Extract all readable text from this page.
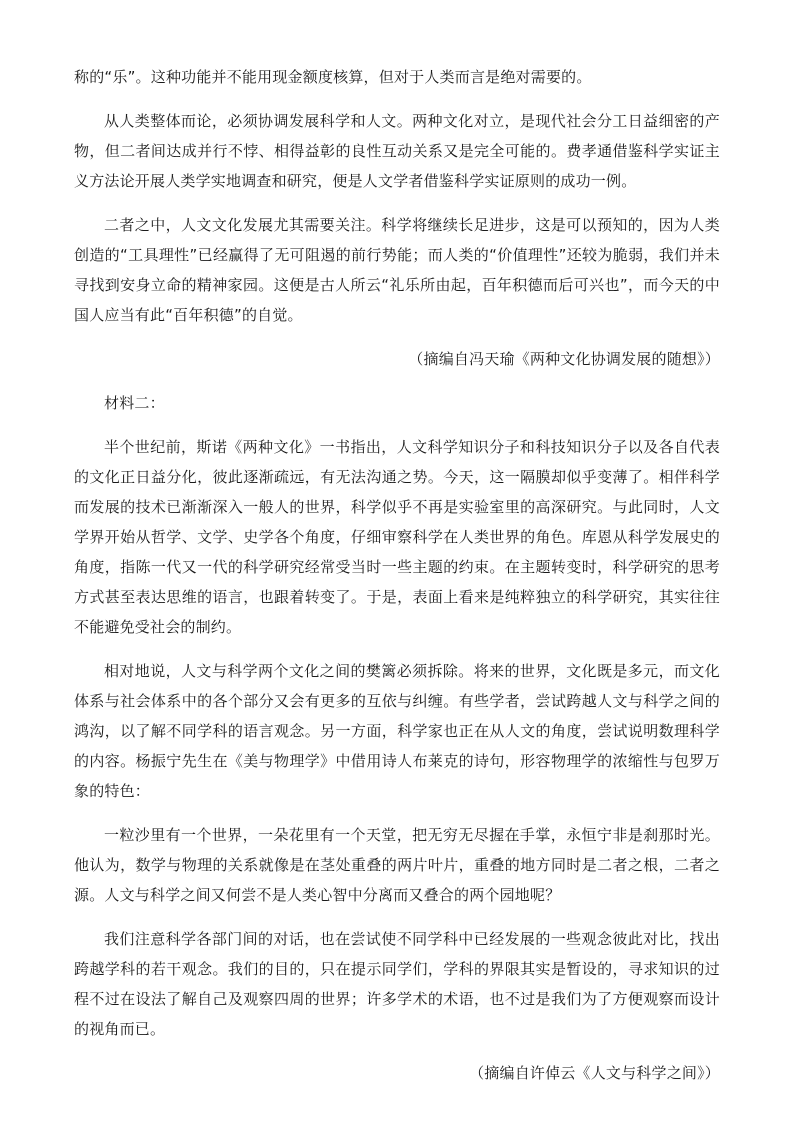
称的“乐”。这种功能并不能用现金额度核算，但对于人类而言是绝对需要的。

从人类整体而论，必须协调发展科学和人文。两种文化对立，是现代社会分工日益细密的产物，但二者间达成并行不悖、相得益彰的良性互动关系又是完全可能的。费孝通借鉴科学实证主义方法论开展人类学实地调查和研究，便是人文学者借鉴科学实证原则的成功一例。

二者之中，人文文化发展尤其需要关注。科学将继续长足进步，这是可以预知的，因为人类创造的“工具理性”已经赢得了无可阻遏的前行势能；而人类的“价值理性”还较为脆弱，我们并未寻找到安身立命的精神家园。这便是古人所云“礼乐所由起，百年积德而后可兴也”，而今天的中国人应当有此“百年积德”的自觉。

（摘编自冯天瑜《两种文化协调发展的随想》）

材料二：

半个世纪前，斯诺《两种文化》一书指出，人文科学知识分子和科技知识分子以及各自代表的文化正日益分化，彼此逐渐疏远，有无法沟通之势。今天，这一隔膜却似乎变薄了。相伴科学而发展的技术已渐渐深入一般人的世界，科学似乎不再是实验室里的高深研究。与此同时，人文学界开始从哲学、文学、史学各个角度，仔细审察科学在人类世界的角色。库恩从科学发展史的角度，指陈一代又一代的科学研究经常受当时一些主题的约束。在主题转变时，科学研究的思考方式甚至表达思维的语言，也跟着转变了。于是，表面上看来是纯粹独立的科学研究，其实往往不能避免受社会的制约。

相对地说，人文与科学两个文化之间的樊篱必须拆除。将来的世界，文化既是多元，而文化体系与社会体系中的各个部分又会有更多的互依与纠缠。有些学者，尝试跨越人文与科学之间的鸿沟，以了解不同学科的语言观念。另一方面，科学家也正在从人文的角度，尝试说明数理科学的内容。杨振宁先生在《美与物理学》中借用诗人布莱克的诗句，形容物理学的浓缩性与包罗万象的特色：

一粒沙里有一个世界，一朵花里有一个天堂，把无穷无尽握在手掌，永恒宁非是刹那时光。他认为，数学与物理的关系就像是在茎处重叠的两片叶片，重叠的地方同时是二者之根，二者之源。人文与科学之间又何尝不是人类心智中分离而又叠合的两个园地呢？

我们注意科学各部门间的对话，也在尝试使不同学科中已经发展的一些观念彼此对比，找出跨越学科的若干观念。我们的目的，只在提示同学们，学科的界限其实是暂设的，寻求知识的过程不过在设法了解自己及观察四周的世界；许多学术的术语，也不过是我们为了方便观察而设计的视角而已。

（摘编自许倬云《人文与科学之间》）
